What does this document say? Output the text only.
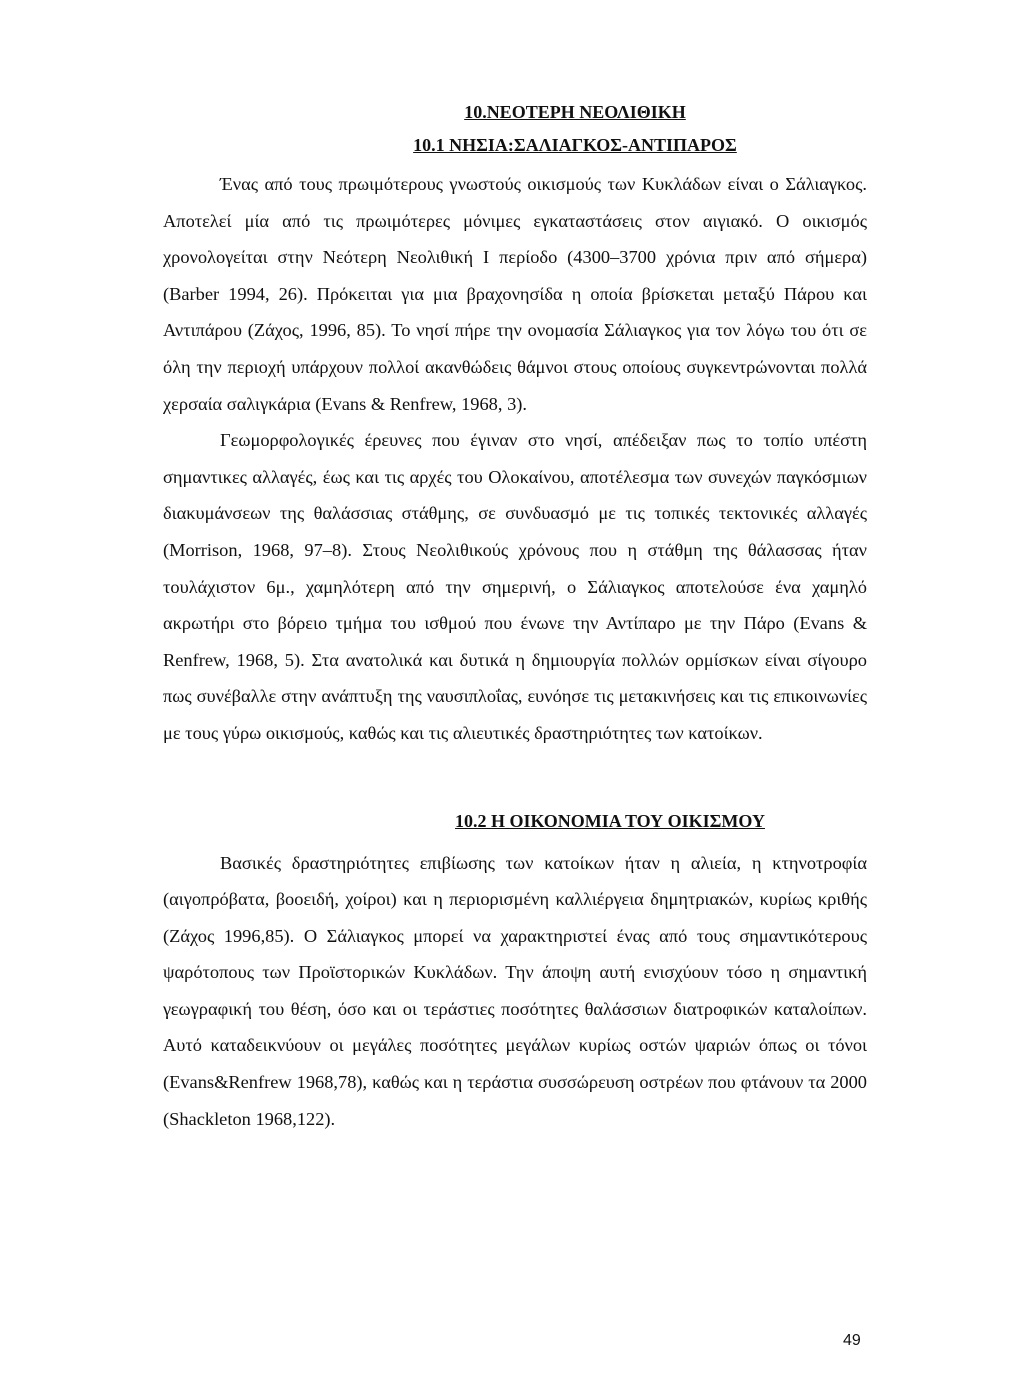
10.ΝΕΟΤΕΡΗ ΝΕΟΛΙΘΙΚΗ
10.1 ΝΗΣΙΑ:ΣΑΛΙΑΓΚΟΣ-ΑΝΤΙΠΑΡΟΣ

Ένας από τους πρωιμότερους γνωστούς οικισμούς των Κυκλάδων είναι ο Σάλιαγκος. Αποτελεί μία από τις πρωιμότερες μόνιμες εγκαταστάσεις στον αιγιακό. Ο οικισμός χρονολογείται στην Νεότερη Νεολιθική Ι περίοδο (4300–3700 χρόνια πριν από σήμερα) (Barber 1994, 26). Πρόκειται για μια βραχονησίδα η οποία βρίσκεται μεταξύ Πάρου και Αντιπάρου (Ζάχος, 1996, 85). Το νησί πήρε την ονομασία Σάλιαγκος για τον λόγω του ότι σε όλη την περιοχή υπάρχουν πολλοί ακανθώδεις θάμνοι στους οποίους συγκεντρώνονται πολλά χερσαία σαλιγκάρια (Evans & Renfrew, 1968, 3).

Γεωμορφολογικές έρευνες που έγιναν στο νησί, απέδειξαν πως το τοπίο υπέστη σημαντικες αλλαγές, έως και τις αρχές του Ολοκαίνου, αποτέλεσμα των συνεχών παγκόσμιων διακυμάνσεων της θαλάσσιας στάθμης, σε συνδυασμό με τις τοπικές τεκτονικές αλλαγές (Morrison, 1968, 97–8). Στους Νεολιθικούς χρόνους που η στάθμη της θάλασσας ήταν τουλάχιστον 6μ., χαμηλότερη από την σημερινή, ο Σάλιαγκος αποτελούσε ένα χαμηλό ακρωτήρι στο βόρειο τμήμα του ισθμού που ένωνε την Αντίπαρο με την Πάρο (Evans & Renfrew, 1968, 5). Στα ανατολικά και δυτικά η δημιουργία πολλών ορμίσκων είναι σίγουρο πως συνέβαλλε στην ανάπτυξη της ναυσιπλοΐας, ευνόησε τις μετακινήσεις και τις επικοινωνίες με τους γύρω οικισμούς, καθώς και τις αλιευτικές δραστηριότητες των κατοίκων.

10.2 Η ΟΙΚΟΝΟΜΙΑ ΤΟΥ ΟΙΚΙΣΜΟΥ

Βασικές δραστηριότητες επιβίωσης των κατοίκων ήταν η αλιεία, η κτηνοτροφία (αιγοπρόβατα, βοοειδή, χοίροι) και η περιορισμένη καλλιέργεια δημητριακών, κυρίως κριθής (Ζάχος 1996,85). Ο Σάλιαγκος μπορεί να χαρακτηριστεί ένας από τους σημαντικότερους ψαρότοπους των Προϊστορικών Κυκλάδων. Την άποψη αυτή ενισχύουν τόσο η σημαντική γεωγραφική του θέση, όσο και οι τεράστιες ποσότητες θαλάσσιων διατροφικών καταλοίπων. Αυτό καταδεικνύουν οι μεγάλες ποσότητες μεγάλων κυρίως οστών ψαριών όπως οι τόνοι (Evans&Renfrew 1968,78), καθώς και η τεράστια συσσώρευση οστρέων που φτάνουν τα 2000 (Shackleton 1968,122).

49
